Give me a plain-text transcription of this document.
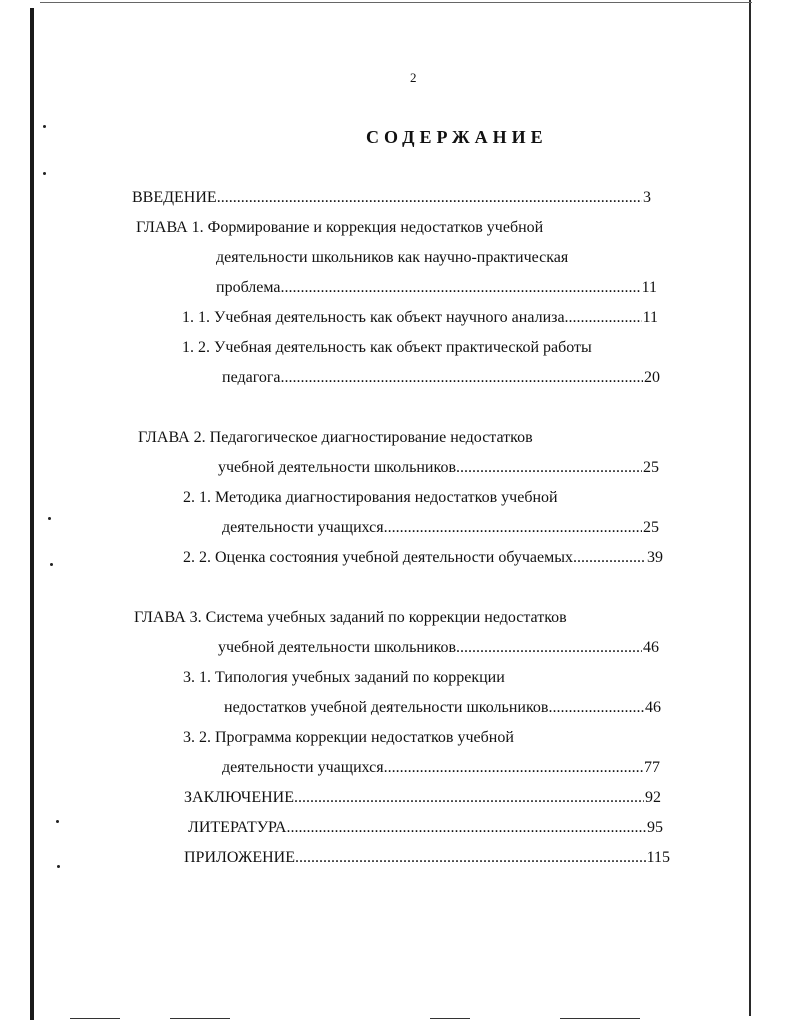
2
СОДЕРЖАНИЕ
ВВЕДЕНИЕ .....	3
ГЛАВА 1. Формирование и коррекция недостатков учебной
деятельности школьников как научно-практическая
проблема .....	11
1. 1. Учебная деятельность как объект научного анализа .....	11
1. 2. Учебная деятельность как объект практической работы
педагога .....	20
ГЛАВА 2. Педагогическое диагностирование недостатков
учебной деятельности школьников .....	25
2. 1. Методика диагностирования недостатков учебной
деятельности учащихся .....	25
2. 2. Оценка состояния учебной деятельности обучаемых .....	39
ГЛАВА 3. Система учебных заданий по коррекции недостатков
учебной деятельности школьников .....	46
3. 1. Типология учебных заданий по коррекции
недостатков учебной деятельности школьников .....	46
3. 2. Программа коррекции недостатков учебной
деятельности учащихся .....	77
ЗАКЛЮЧЕНИЕ .....	92
ЛИТЕРАТУРА .....	95
ПРИЛОЖЕНИЕ .....	115
